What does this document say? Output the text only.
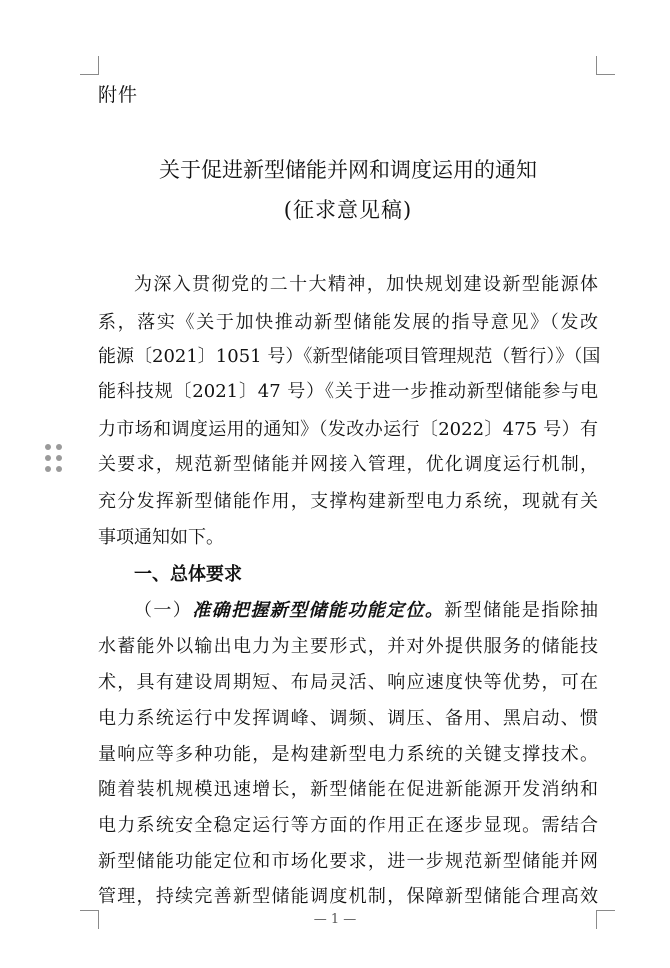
附件
关于促进新型储能并网和调度运用的通知
(征求意见稿)
为深入贯彻党的二十大精神，加快规划建设新型能源体
系，落实《关于加快推动新型储能发展的指导意见》（发改
能源〔2021〕1051 号）《新型储能项目管理规范（暂行）》（国
能科技规〔2021〕47 号）《关于进一步推动新型储能参与电
力市场和调度运用的通知》（发改办运行〔2022〕475 号）有
关要求，规范新型储能并网接入管理，优化调度运行机制，
充分发挥新型储能作用，支撑构建新型电力系统，现就有关
事项通知如下。
一、总体要求
（一）准确把握新型储能功能定位。新型储能是指除抽
水蓄能外以输出电力为主要形式，并对外提供服务的储能技
术，具有建设周期短、布局灵活、响应速度快等优势，可在
电力系统运行中发挥调峰、调频、调压、备用、黑启动、惯
量响应等多种功能，是构建新型电力系统的关键支撑技术。
随着装机规模迅速增长，新型储能在促进新能源开发消纳和
电力系统安全稳定运行等方面的作用正在逐步显现。需结合
新型储能功能定位和市场化要求，进一步规范新型储能并网
管理，持续完善新型储能调度机制，保障新型储能合理高效
— 1 —
